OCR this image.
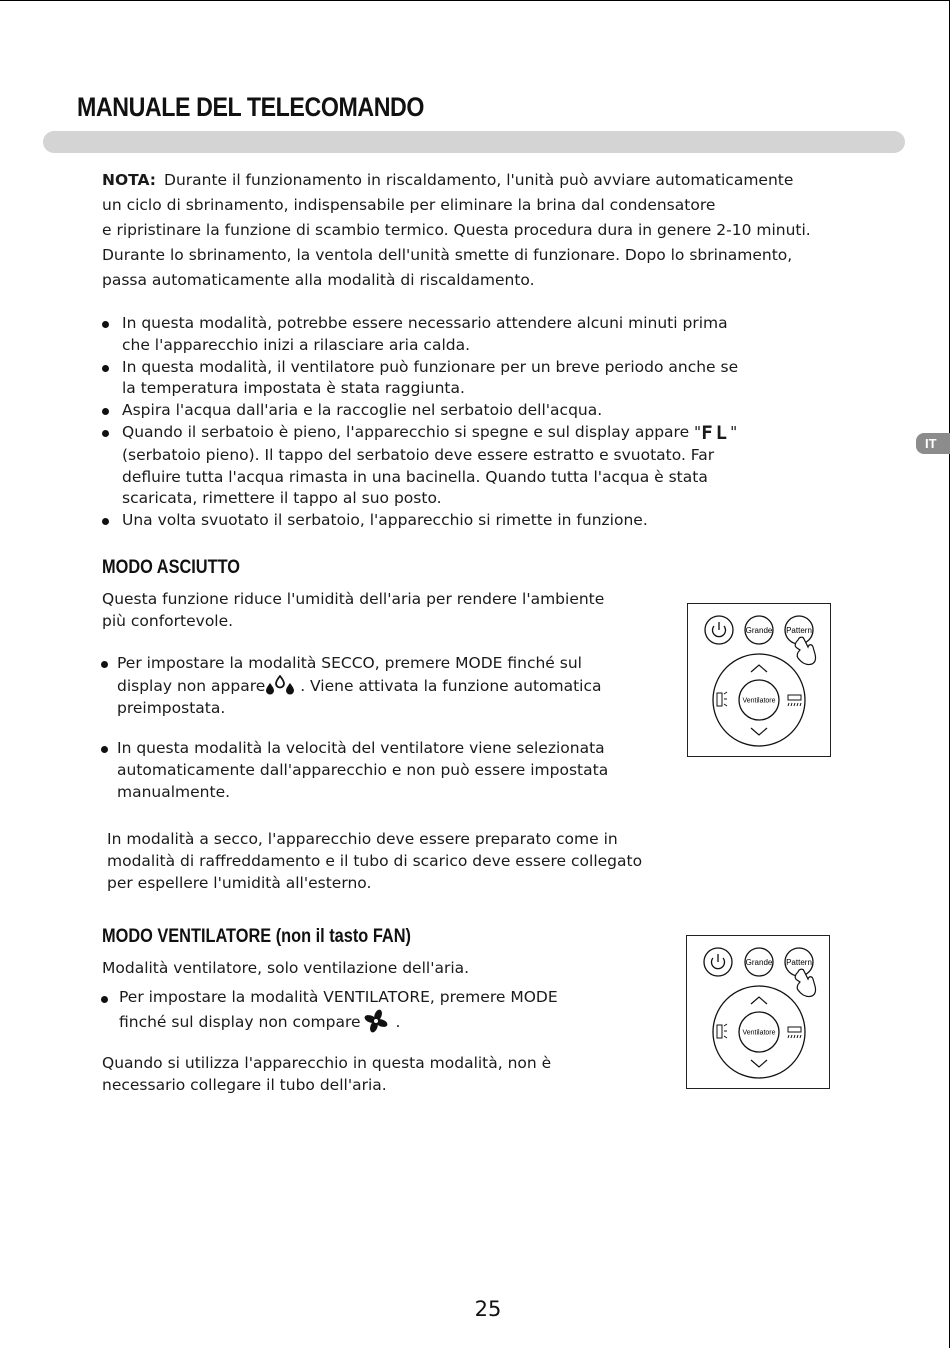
MANUALE DEL TELECOMANDO
IT

NOTA: Durante il funzionamento in riscaldamento, l'unità può avviare automaticamente
un ciclo di sbrinamento, indispensabile per eliminare la brina dal condensatore
e ripristinare la funzione di scambio termico. Questa procedura dura in genere 2-10 minuti.
Durante lo sbrinamento, la ventola dell'unità smette di funzionare. Dopo lo sbrinamento,
passa automaticamente alla modalità di riscaldamento.

In questa modalità, potrebbe essere necessario attendere alcuni minuti prima
che l'apparecchio inizi a rilasciare aria calda.
In questa modalità, il ventilatore può funzionare per un breve periodo anche se
la temperatura impostata è stata raggiunta.
Aspira l'acqua dall'aria e la raccoglie nel serbatoio dell'acqua.
Quando il serbatoio è pieno, l'apparecchio si spegne e sul display appare "FL"
(serbatoio pieno). Il tappo del serbatoio deve essere estratto e svuotato. Far
defluire tutta l'acqua rimasta in una bacinella. Quando tutta l'acqua è stata
scaricata, rimettere il tappo al suo posto.
Una volta svuotato il serbatoio, l'apparecchio si rimette in funzione.
MODO ASCIUTTO
Questa funzione riduce l'umidità dell'aria per rendere l'ambiente
più confortevole.
Per impostare la modalità SECCO, premere MODE finché sul
display non appare . Viene attivata la funzione automatica
preimpostata.
In questa modalità la velocità del ventilatore viene selezionata
automaticamente dall'apparecchio e non può essere impostata
manualmente.
In modalità a secco, l'apparecchio deve essere preparato come in
modalità di raffreddamento e il tubo di scarico deve essere collegato
per espellere l'umidità all'esterno.
Grande Pattern
Ventilatore
MODO VENTILATORE (non il tasto FAN)
Modalità ventilatore, solo ventilazione dell'aria.
Per impostare la modalità VENTILATORE, premere MODE
finché sul display non compare .
Quando si utilizza l'apparecchio in questa modalità, non è
necessario collegare il tubo dell'aria.
Grande Pattern
Ventilatore
25
